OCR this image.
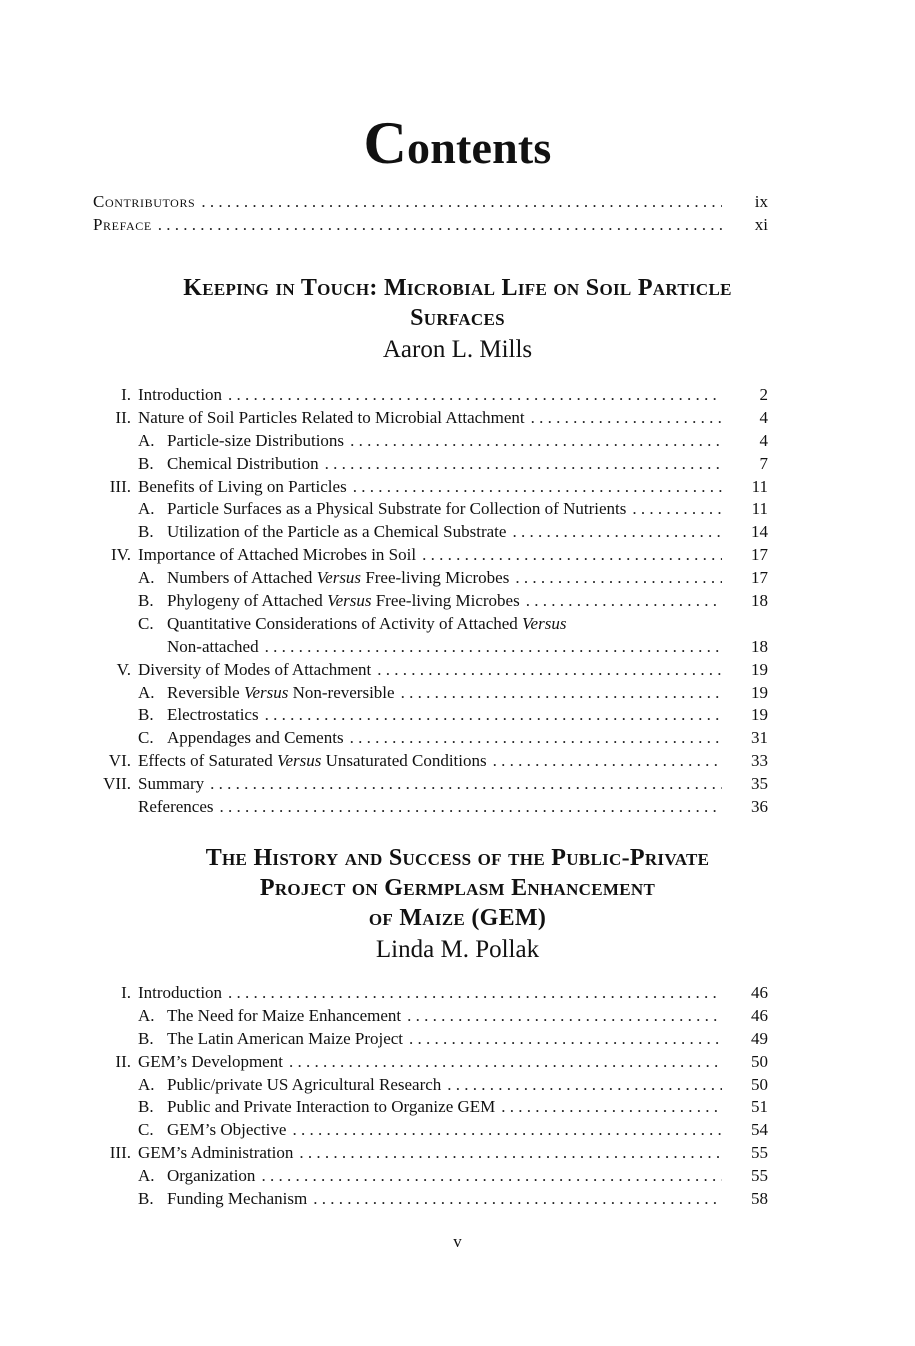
Contents
Contributors . . .	ix
Preface . . .	xi
Keeping in Touch: Microbial Life on Soil Particle
Surfaces
Aaron L. Mills
I. Introduction . . .	2
II. Nature of Soil Particles Related to Microbial Attachment . . .	4
A. Particle-size Distributions . . .	4
B. Chemical Distribution . . .	7
III. Benefits of Living on Particles . . .	11
A. Particle Surfaces as a Physical Substrate for Collection of Nutrients . . .	11
B. Utilization of the Particle as a Chemical Substrate . . .	14
IV. Importance of Attached Microbes in Soil . . .	17
A. Numbers of Attached Versus Free-living Microbes . . .	17
B. Phylogeny of Attached Versus Free-living Microbes . . .	18
C. Quantitative Considerations of Activity of Attached Versus
Non-attached . . .	18
V. Diversity of Modes of Attachment . . .	19
A. Reversible Versus Non-reversible . . .	19
B. Electrostatics . . .	19
C. Appendages and Cements . . .	31
VI. Effects of Saturated Versus Unsaturated Conditions . . .	33
VII. Summary . . .	35
References . . .	36
The History and Success of the Public-Private
Project on Germplasm Enhancement
of Maize (GEM)
Linda M. Pollak
I. Introduction . . .	46
A. The Need for Maize Enhancement . . .	46
B. The Latin American Maize Project . . .	49
II. GEM’s Development . . .	50
A. Public/private US Agricultural Research . . .	50
B. Public and Private Interaction to Organize GEM . . .	51
C. GEM’s Objective . . .	54
III. GEM’s Administration . . .	55
A. Organization . . .	55
B. Funding Mechanism . . .	58
v
